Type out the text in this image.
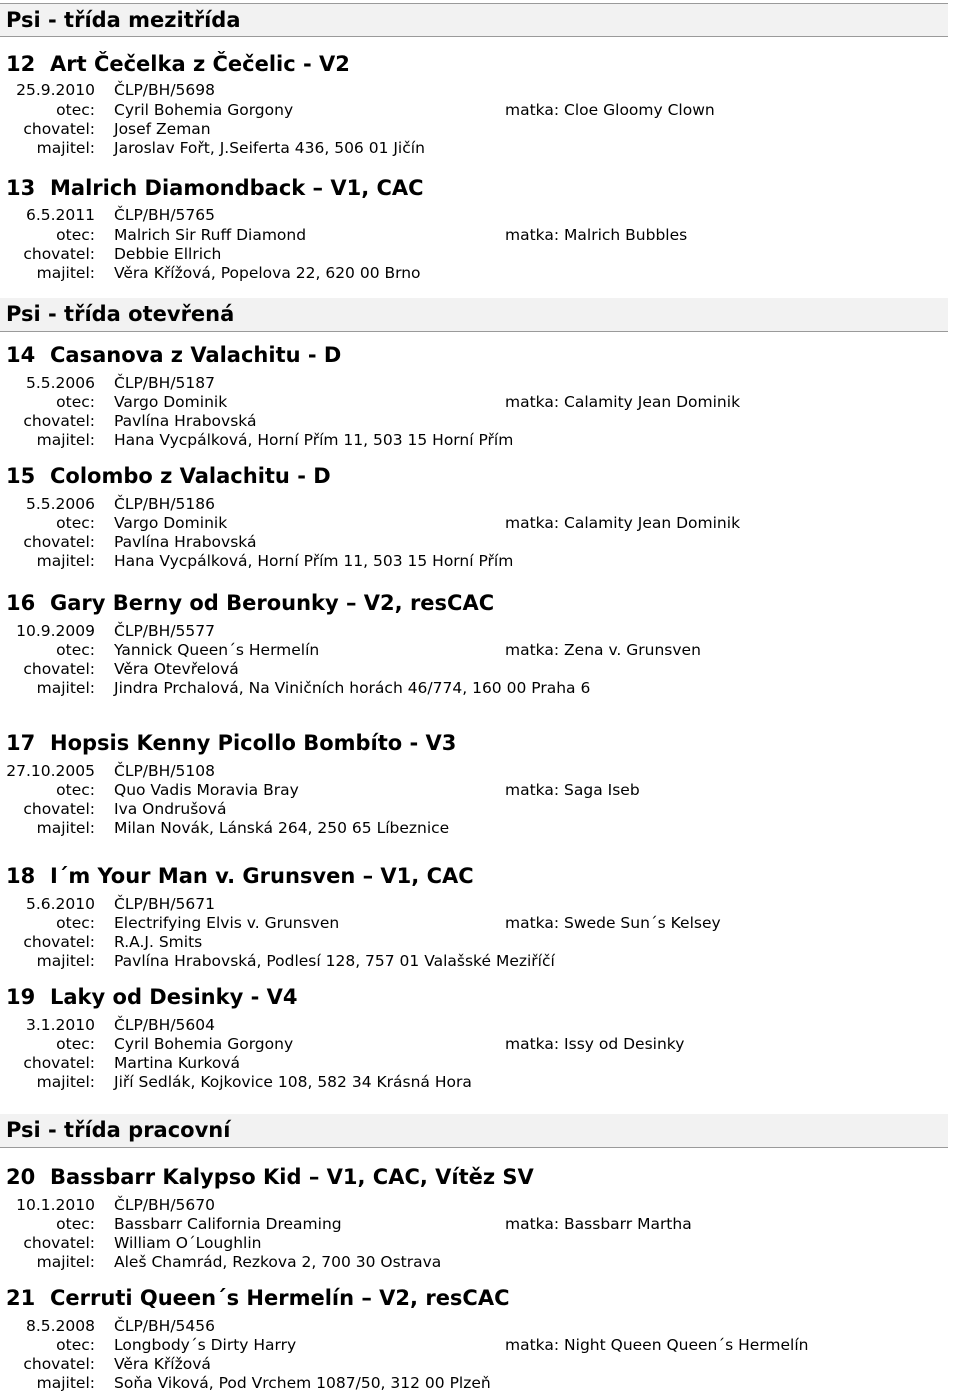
Psi - třída mezitřída
Psi - třída otevřená
Psi - třída pracovní
12 Art Čečelka z Čečelic - V2
25.9.2010 ČLP/BH/5698
otec: Cyril Bohemia Gorgony	matka: Cloe Gloomy Clown
chovatel: Josef Zeman
majitel: Jaroslav Fořt, J.Seiferta 436, 506 01 Jičín
13 Malrich Diamondback – V1, CAC
6.5.2011 ČLP/BH/5765
otec: Malrich Sir Ruff Diamond	matka: Malrich Bubbles
chovatel: Debbie Ellrich
majitel: Věra Křížová, Popelova 22, 620 00 Brno
14 Casanova z Valachitu - D
5.5.2006 ČLP/BH/5187
otec: Vargo Dominik	matka: Calamity Jean Dominik
chovatel: Pavlína Hrabovská
majitel: Hana Vycpálková, Horní Přím 11, 503 15 Horní Přím
15 Colombo z Valachitu - D
5.5.2006 ČLP/BH/5186
otec: Vargo Dominik	matka: Calamity Jean Dominik
chovatel: Pavlína Hrabovská
majitel: Hana Vycpálková, Horní Přím 11, 503 15 Horní Přím
16 Gary Berny od Berounky – V2, resCAC
10.9.2009 ČLP/BH/5577
otec: Yannick Queen´s Hermelín	matka: Zena v. Grunsven
chovatel: Věra Otevřelová
majitel: Jindra Prchalová, Na Viničních horách 46/774, 160 00 Praha 6
17 Hopsis Kenny Picollo Bombíto - V3
27.10.2005 ČLP/BH/5108
otec: Quo Vadis Moravia Bray	matka: Saga Iseb
chovatel: Iva Ondrušová
majitel: Milan Novák, Lánská 264, 250 65 Líbeznice
18 I´m Your Man v. Grunsven – V1, CAC
5.6.2010 ČLP/BH/5671
otec: Electrifying Elvis v. Grunsven	matka: Swede Sun´s Kelsey
chovatel: R.A.J. Smits
majitel: Pavlína Hrabovská, Podlesí 128, 757 01 Valašské Meziříčí
19 Laky od Desinky - V4
3.1.2010 ČLP/BH/5604
otec: Cyril Bohemia Gorgony	matka: Issy od Desinky
chovatel: Martina Kurková
majitel: Jiří Sedlák, Kojkovice 108, 582 34 Krásná Hora
20 Bassbarr Kalypso Kid – V1, CAC, Vítěz SV
10.1.2010 ČLP/BH/5670
otec: Bassbarr California Dreaming	matka: Bassbarr Martha
chovatel: William O´Loughlin
majitel: Aleš Chamrád, Rezkova 2, 700 30 Ostrava
21 Cerruti Queen´s Hermelín – V2, resCAC
8.5.2008 ČLP/BH/5456
otec: Longbody´s Dirty Harry	matka: Night Queen Queen´s Hermelín
chovatel: Věra Křížová
majitel: Soňa Viková, Pod Vrchem 1087/50, 312 00 Plzeň
